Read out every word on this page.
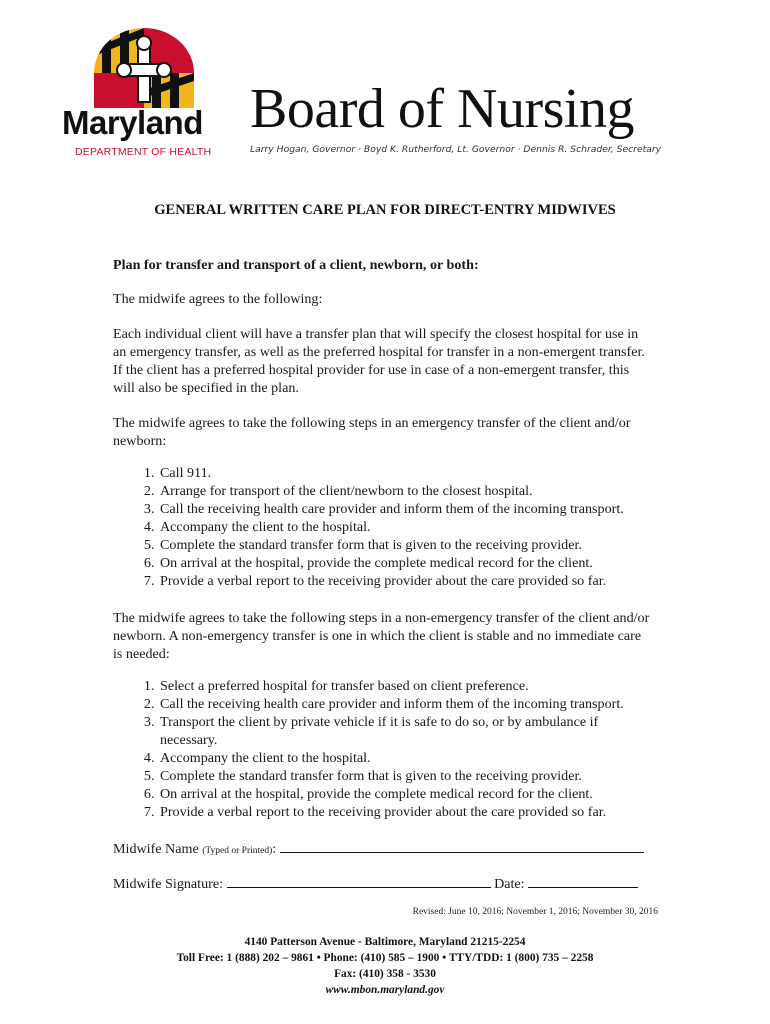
Maryland
DEPARTMENT OF HEALTH
Board of Nursing
Larry Hogan, Governor · Boyd K. Rutherford, Lt. Governor · Dennis R. Schrader, Secretary
GENERAL WRITTEN CARE PLAN FOR DIRECT-ENTRY MIDWIVES

Plan for transfer and transport of a client, newborn, or both:

The midwife agrees to the following:

Each individual client will have a transfer plan that will specify the closest hospital for use in an emergency transfer, as well as the preferred hospital for transfer in a non-emergent transfer. If the client has a preferred hospital provider for use in case of a non-emergent transfer, this will also be specified in the plan.

The midwife agrees to take the following steps in an emergency transfer of the client and/or newborn:

1. Call 911.
2. Arrange for transport of the client/newborn to the closest hospital.
3. Call the receiving health care provider and inform them of the incoming transport.
4. Accompany the client to the hospital.
5. Complete the standard transfer form that is given to the receiving provider.
6. On arrival at the hospital, provide the complete medical record for the client.
7. Provide a verbal report to the receiving provider about the care provided so far.

The midwife agrees to take the following steps in a non-emergency transfer of the client and/or newborn. A non-emergency transfer is one in which the client is stable and no immediate care is needed:

1. Select a preferred hospital for transfer based on client preference.
2. Call the receiving health care provider and inform them of the incoming transport.
3. Transport the client by private vehicle if it is safe to do so, or by ambulance if necessary.
4. Accompany the client to the hospital.
5. Complete the standard transfer form that is given to the receiving provider.
6. On arrival at the hospital, provide the complete medical record for the client.
7. Provide a verbal report to the receiving provider about the care provided so far.
Midwife Name (Typed or Printed):
Midwife Signature:	Date:
Revised: June 10, 2016; November 1, 2016; November 30, 2016
4140 Patterson Avenue - Baltimore, Maryland 21215-2254
Toll Free: 1 (888) 202 – 9861 • Phone: (410) 585 – 1900 • TTY/TDD: 1 (800) 735 – 2258
Fax: (410) 358 - 3530
www.mbon.maryland.gov
